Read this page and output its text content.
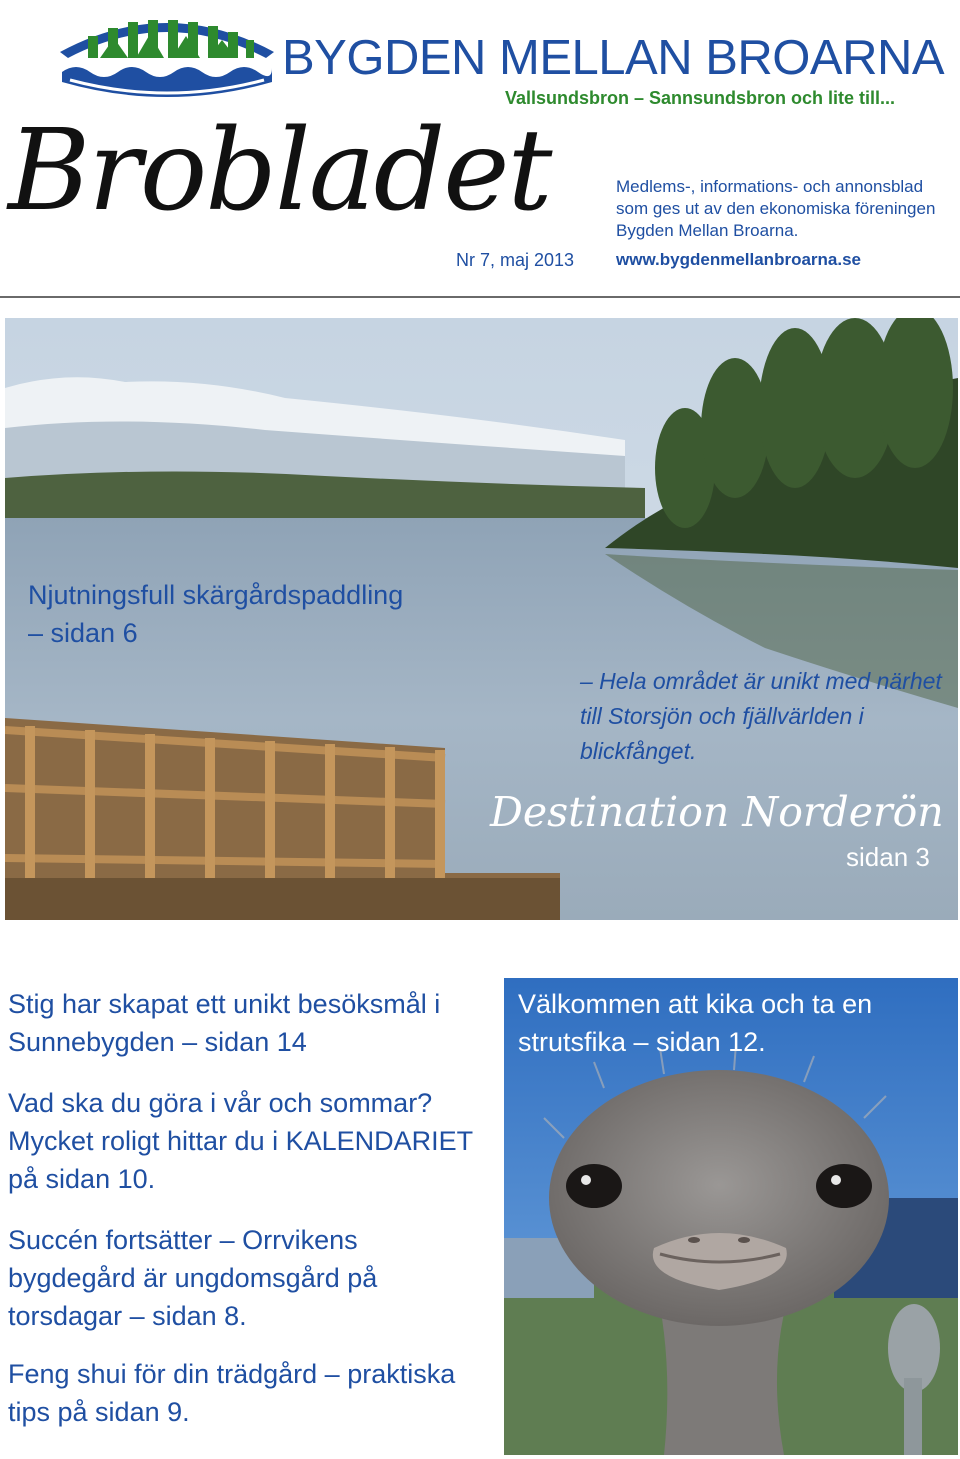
BYGDEN MELLAN BROARNA
Vallsundsbron – Sannsundsbron och lite till...
Brobladet
Nr 7, maj 2013
Medlems-, informations- och annonsblad som ges ut av den ekonomiska föreningen Bygden Mellan Broarna.
www.bygdenmellanbroarna.se
Njutningsfull skärgårdspaddling
– sidan 6
– Hela området är unikt med närhet till Storsjön och fjällvärlden i blickfånget.
Destination Norderön
sidan 3
Stig har skapat ett unikt besöksmål i Sunnebygden – sidan 14
Vad ska du göra i vår och sommar? Mycket roligt hittar du i KALENDARIET på sidan 10.
Succén fortsätter – Orrvikens bygdegård är ungdomsgård på torsdagar – sidan 8.
Feng shui för din trädgård – praktiska tips på sidan 9.
Välkommen att kika och ta en strutsfika – sidan 12.
